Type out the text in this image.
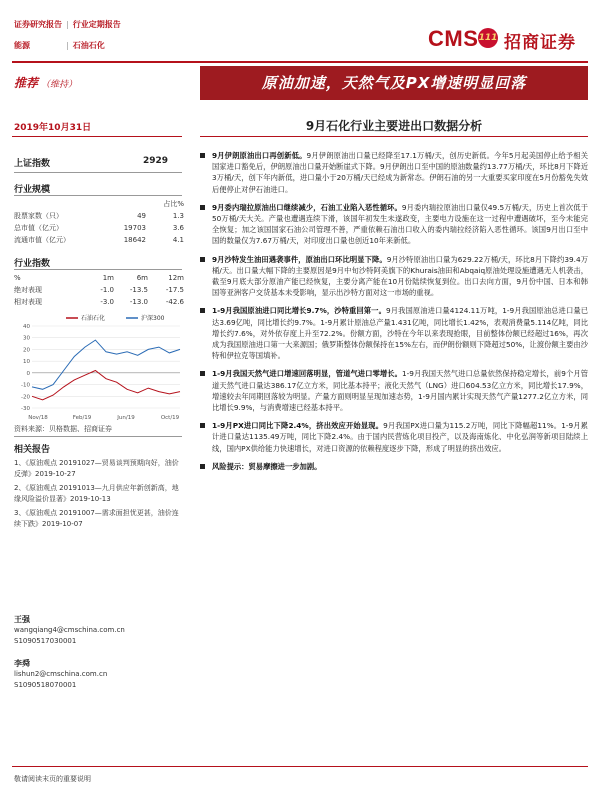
证券研究报告 | 行业定期报告
能源	| 石油石化	CMS 111 招商证券
推荐 （维持）	原油加速，天然气及PX增速明显回落
2019年10月31日	9月石化行业主要进出口数据分析
上证指数	2929
行业规模
		占比%
股票家数（只）	49	1.3
总市值（亿元）	19703	3.6
流通市值（亿元）	18642	4.1
行业指数
%	1m	6m	12m
绝对表现	-1.0	-13.5	-17.5
相对表现	-3.0	-13.0	-42.6
40
30
20
10
0
-10
-20
-30
Nov/18	Feb/19	Jun/19	Oct/19
石油石化	沪深300
资料来源：贝格数据、招商证券
相关报告

1、《原油观点 20191027—贸易谈判预期向好，油价反弹》2019-10-27

2、《原油观点 20191013—九月供应年新创新高，地缘风险溢价显著》2019-10-13

3、《原油观点 20191007—需求面担忧更甚，油价连续下跌》2019-10-07

王强
wangqiang4@cmschina.com.cn
S1090517030001
李舜
lishun2@cmschina.com.cn
S1090518070001
9月伊朗原油出口再创新低。9月伊朗原油出口量已经降至17.1万桶/天，创历史新低。今年5月起美国停止给予相关国家进口豁免后，伊朗原油出口量开始断崖式下降。9月伊朗出口至中国的原油数量约13.77万桶/天，环比8月下降近3万桶/天，创下年内新低，进口量小于20万桶/天已经成为新常态。伊朗石油的另一大重要买家印度在5月份豁免失效后便停止对伊石油进口。
9月委内瑞拉原油出口继续减少，石油工业陷入恶性循环。9月委内瑞拉原油出口量仅49.5万桶/天，历史上首次低于50万桶/天大关。产量也遭遇连续下滑，该国年初发生未遂政变，主要电力设施在这一过程中遭遇破坏，至今未能完全恢复；加之该国国家石油公司管理不善，严重依赖石油出口收入的委内瑞拉经济陷入恶性循环。该国9月出口至中国的数量仅为7.67万桶/天，对印度出口量也创近10年来新低。
9月沙特发生油田遇袭事件，原油出口环比明显下降。9月沙特原油出口量为629.22万桶/天，环比8月下降约39.4万桶/天。出口量大幅下降的主要原因是9月中旬沙特阿美旗下的Khurais油田和Abqaiq原油处理设施遭遇无人机袭击，截至9月底大部分原油产能已经恢复，主要分离产能在10月份陆续恢复到位。出口去向方面，9月份中国、日本和韩国等亚洲客户交货基本未受影响，显示出沙特方面对这一市场的重视。
1-9月我国原油进口同比增长9.7%，沙特重回第一。9月我国原油进口量4124.11万吨，1-9月我国原油总进口量已达3.69亿吨，同比增长约9.7%。1-9月累计原油总产量1.431亿吨，同比增长1.42%，表观消费量5.114亿吨，同比增长约7.6%，对外依存度上升至72.2%。份额方面，沙特在今年以来表现抢眼，目前整体份额已经超过16%，再次成为我国原油进口第一大来源国；俄罗斯整体份额保持在15%左右，而伊朗份额则下降超过50%，让渡份额主要由沙特和伊拉克等国填补。
1-9月我国天然气进口增速回落明显，管道气进口零增长。1-9月我国天然气进口总量依然保持稳定增长，前9个月管道天然气进口量达386.17亿立方米，同比基本持平；液化天然气（LNG）进口604.53亿立方米，同比增长17.9%，增速较去年同期回落较为明显。产量方面则明显呈现加速态势，1-9月国内累计实现天然气产量1277.2亿立方米，同比增长9.9%，与消费增速已经基本持平。
1-9月PX进口同比下降2.4%，挤出效应开始显现。9月我国PX进口量为115.2万吨，同比下降幅超11%。1-9月累计进口量达1135.49万吨，同比下降2.4%。由于国内民营炼化项目投产，以及海南炼化、中化弘润等新项目陆续上线，国内PX供给能力快速增长，对进口资源的依赖程度逐步下降，形成了明显的挤出效应。
风险提示：贸易摩擦进一步加剧。
敬请阅读末页的重要说明
